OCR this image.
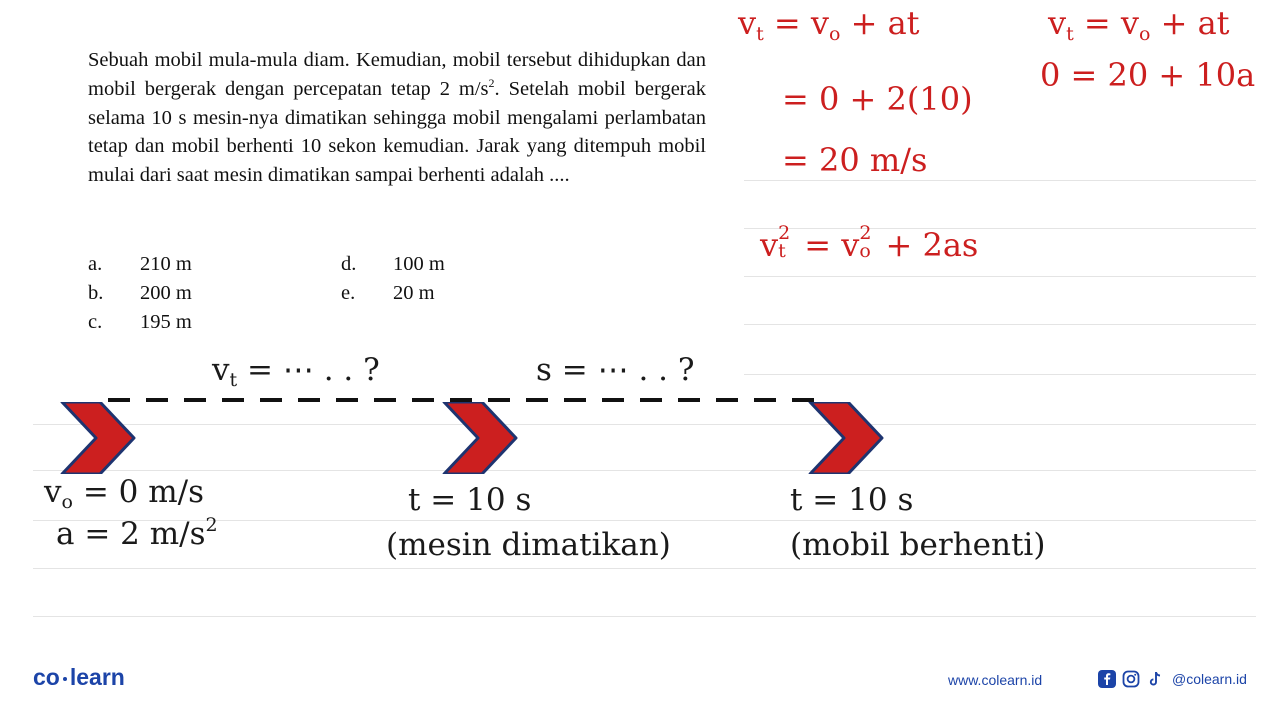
Sebuah mobil mula-mula diam. Kemudian, mobil tersebut dihidupkan dan mobil bergerak dengan percepatan tetap 2 $m/s^2$. Setelah mobil bergerak selama 10 s mesin-nya dimatikan sehingga mobil mengalami perlambatan tetap dan mobil berhenti 10 sekon kemudian. Jarak yang ditempuh mobil mulai dari saat mesin dimatikan sampai berhenti adalah ....
a. 210 m
b. 200 m
c. 195 m
d. 100 m
e. 20 m
$v_t = v_o$ + at
= 0 + 2(10)
= 20 m/s
v 2
t = v 2
o + 2as
$v_t = v_o$ + at
0 = 20 + 10a
$v_t$ = ⋯ . . ?	s = ⋯ . . ?
$v_o = 0$ m/s
a = 2 $m/s^2$
t = 10 s
(mesin dimatikan)
t = 10 s
(mobil berhenti)
co learn	www.colearn.id	@colearn.id
